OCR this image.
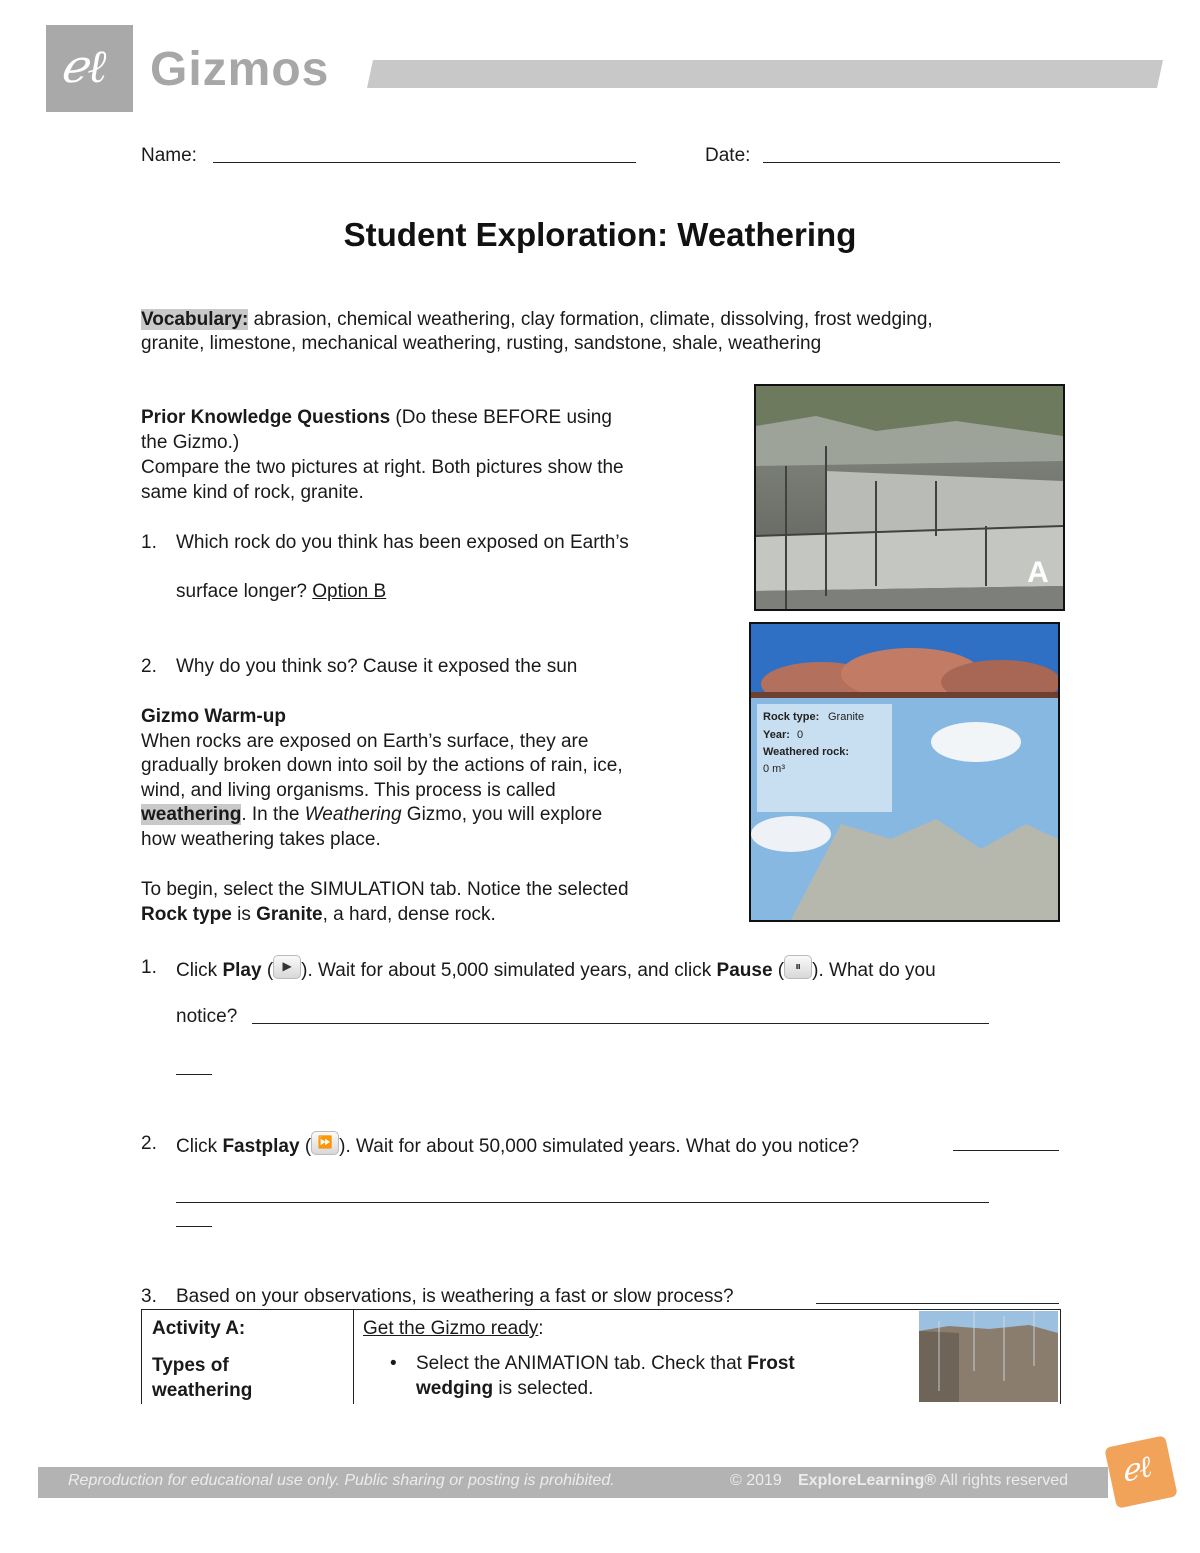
ℯℓ Gizmos
Name:	Date:
Student Exploration: Weathering
Vocabulary: abrasion, chemical weathering, clay formation, climate, dissolving, frost wedging,
granite, limestone, mechanical weathering, rusting, sandstone, shale, weathering
Prior Knowledge Questions (Do these BEFORE using
the Gizmo.)
Compare the two pictures at right. Both pictures show the
same kind of rock, granite.
1. Which rock do you think has been exposed on Earth’s
surface longer? Option B
2. Why do you think so? Cause it exposed the sun
Gizmo Warm-up
When rocks are exposed on Earth’s surface, they are
gradually broken down into soil by the actions of rain, ice,
wind, and living organisms. This process is called
weathering. In the Weathering Gizmo, you will explore
how weathering takes place.
To begin, select the SIMULATION tab. Notice the selected
Rock type is Granite, a hard, dense rock.
1. Click Play ( ▶ ). Wait for about 5,000 simulated years, and click Pause ( ⏸ ). What do you
notice?
2. Click Fastplay ( ⏩ ). Wait for about 50,000 simulated years. What do you notice?
3. Based on your observations, is weathering a fast or slow process?
A
Rock type: Granite
Year: 0
Weathered rock:
0 m³
Activity A:
Types of
weathering
Get the Gizmo ready:
• Select the ANIMATION tab. Check that Frost
wedging is selected.
Reproduction for educational use only. Public sharing or posting is prohibited.	© 2019 ExploreLearning® All rights reserved ℯℓ
